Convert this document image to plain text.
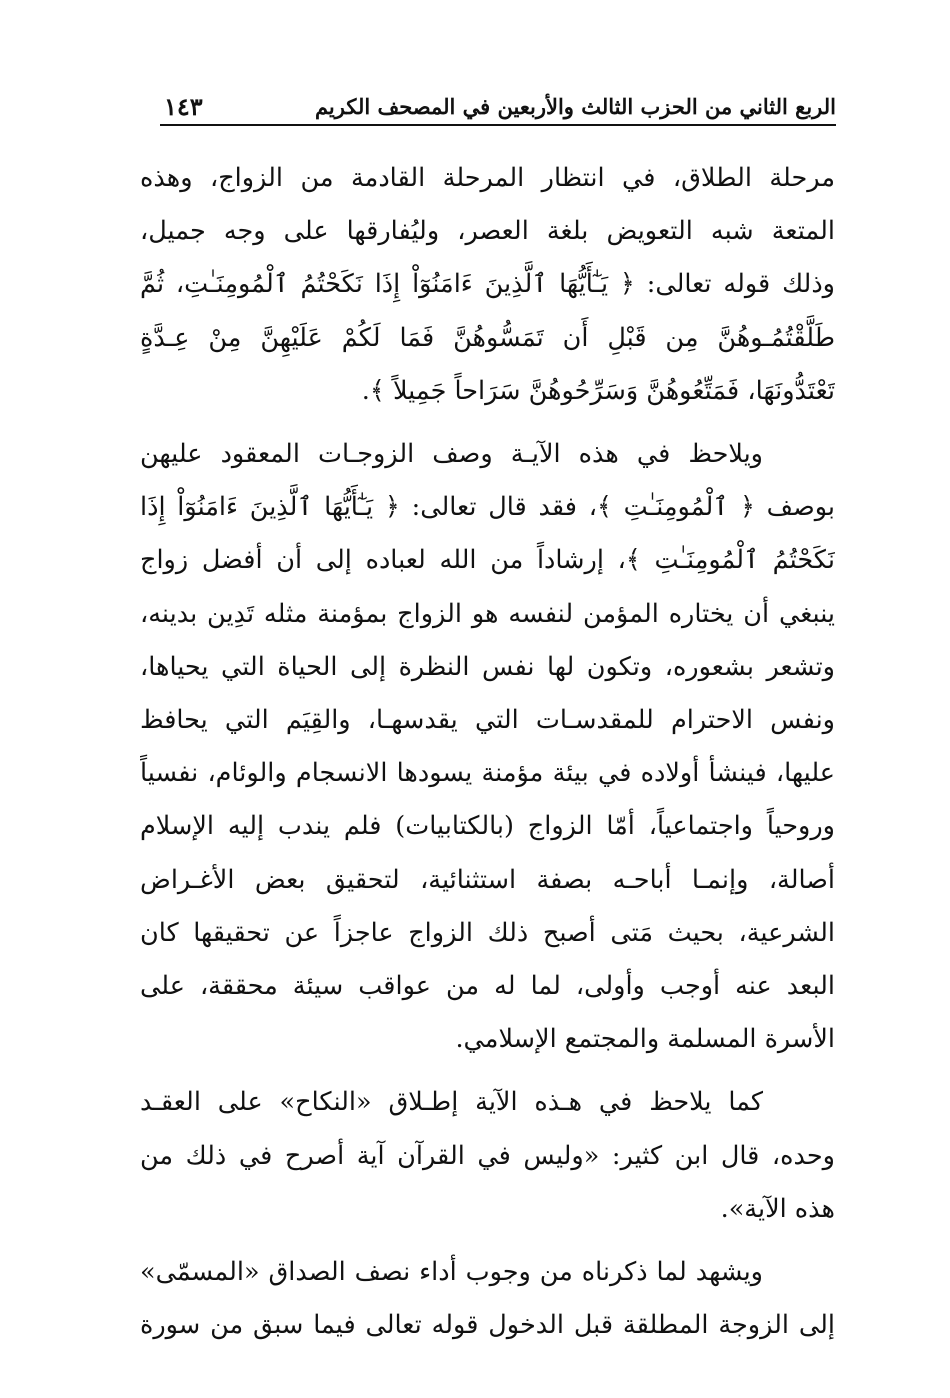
الربع الثاني من الحزب الثالث والأربعين في المصحف الكريم
١٤٣

مرحلة الطلاق، في انتظار المرحلة القادمة من الزواج، وهذه
المتعة شبه التعويض بلغة العصر، وليُفارقها على وجه جميل،
وذلك قوله تعالى: ﴿ يَـٰٓأَيُّهَا ٱلَّذِينَ ءَامَنُوٓاْ إِذَا نَكَحْتُمُ ٱلْمُومِنَـٰتِ، ثُمَّ
طَلَّقْتُمُـوهُنَّ مِن قَبْلِ أَن تَمَسُّوهُنَّ فَمَا لَكُمْ عَلَيْهِنَّ مِنْ عِـدَّةٍ
تَعْتَدُّونَهَا، فَمَتِّعُوهُنَّ وَسَرِّحُوهُنَّ سَرَاحاً جَمِيلاً ﴾.

ويلاحظ في هذه الآيـة وصف الزوجـات المعقود عليهن
بوصف ﴿ ٱلْمُومِنَـٰتِ ﴾، فقد قال تعالى: ﴿ يَـٰٓأَيُّهَا ٱلَّذِينَ ءَامَنُوٓاْ إِذَا
نَكَحْتُمُ ٱلْمُومِنَـٰتِ ﴾، إرشاداً من الله لعباده إلى أن أفضل زواج
ينبغي أن يختاره المؤمن لنفسه هو الزواج بمؤمنة مثله تَدِين بدينه،
وتشعر بشعوره، وتكون لها نفس النظرة إلى الحياة التي يحياها،
ونفس الاحترام للمقدسـات التي يقدسهـا، والقِيَم التي يحافظ
عليها، فينشأ أولاده في بيئة مؤمنة يسودها الانسجام والوئام، نفسياً
وروحياً واجتماعياً، أمّا الزواج (بالكتابيات) فلم يندب إليه الإسلام
أصالة، وإنمـا أباحـه بصفة استثنائية، لتحقيق بعض الأغـراض
الشرعية، بحيث مَتى أصبح ذلك الزواج عاجزاً عن تحقيقها كان
البعد عنه أوجب وأولى، لما له من عواقب سيئة محققة، على
الأسرة المسلمة والمجتمع الإسلامي.

كما يلاحظ في هـذه الآية إطـلاق «النكاح» على العقـد
وحده، قال ابن كثير: «وليس في القرآن آية أصرح في ذلك من
هذه الآية».

ويشهد لما ذكرناه من وجوب أداء نصف الصداق «المسمّى»
إلى الزوجة المطلقة قبل الدخول قوله تعالى فيما سبق من سورة
